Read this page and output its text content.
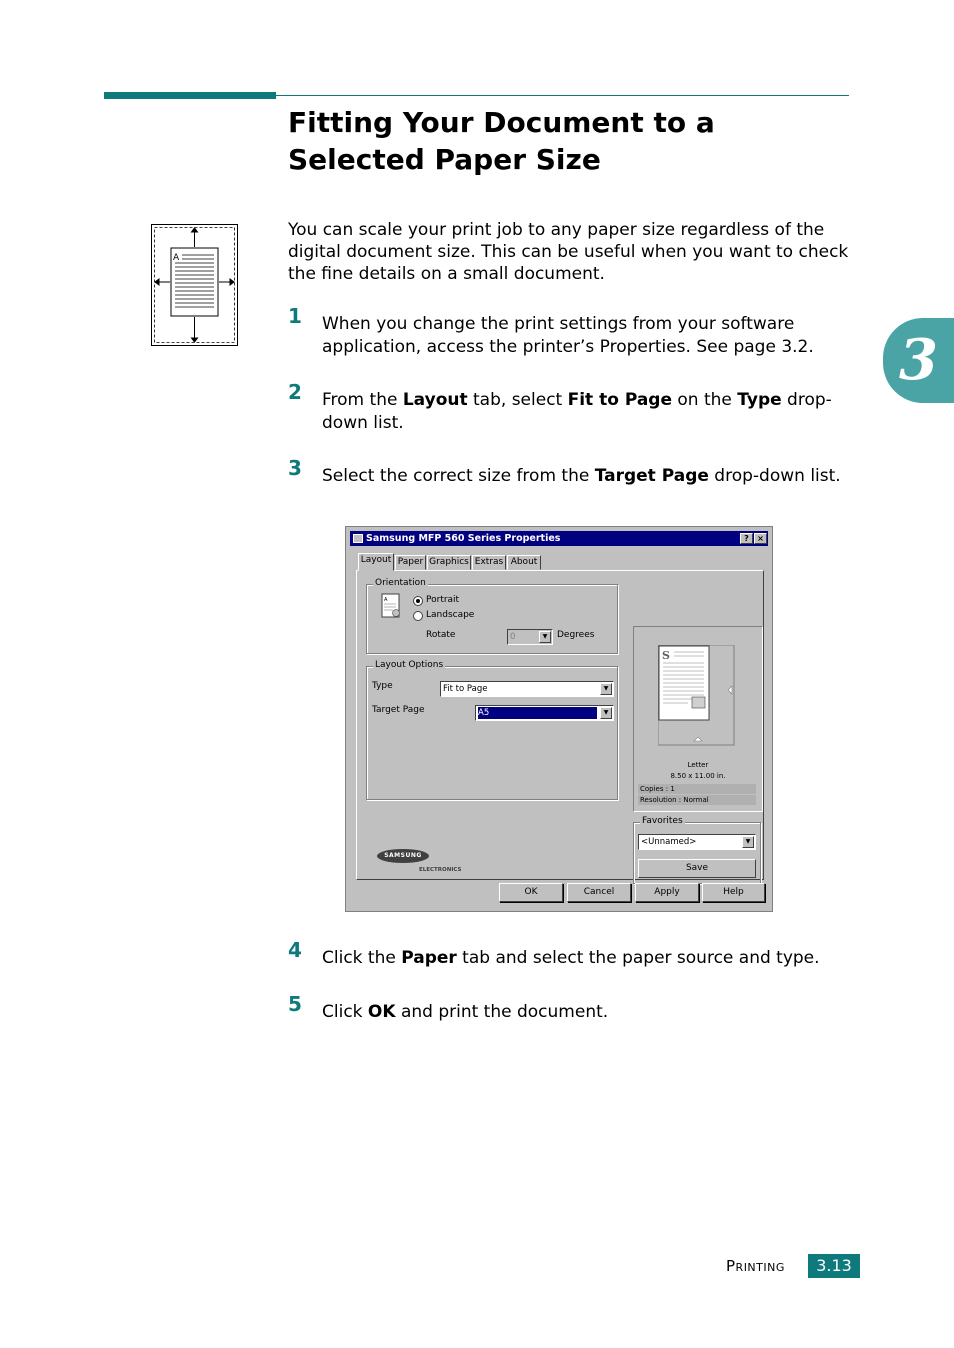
Fitting Your Document to a Selected Paper Size
3
A

You can scale your print job to any paper size regardless of the digital document size. This can be useful when you want to check the fine details on a small document.

1 When you change the print settings from your software application, access the printer’s Properties. See page 3.2.
2 From the Layout tab, select Fit to Page on the Type drop-down list.
3 Select the correct size from the Target Page drop-down list.
Samsung MFP 560 Series Properties	?	×
Layout Paper Graphics Extras About
Orientation
A	Portrait
Landscape
Rotate	0	▼	Degrees
Layout Options
Type	Fit to Page	▼
Target Page	A5	▼
S
Letter
8.50 x 11.00 in.
Copies : 1
Resolution : Normal
Favorites
<Unnamed>	▼
Save
SAMSUNG
ELECTRONICS
OK	Cancel	Apply	Help
4 Click the Paper tab and select the paper source and type.
5 Click OK and print the document.
PRINTING	3.13
